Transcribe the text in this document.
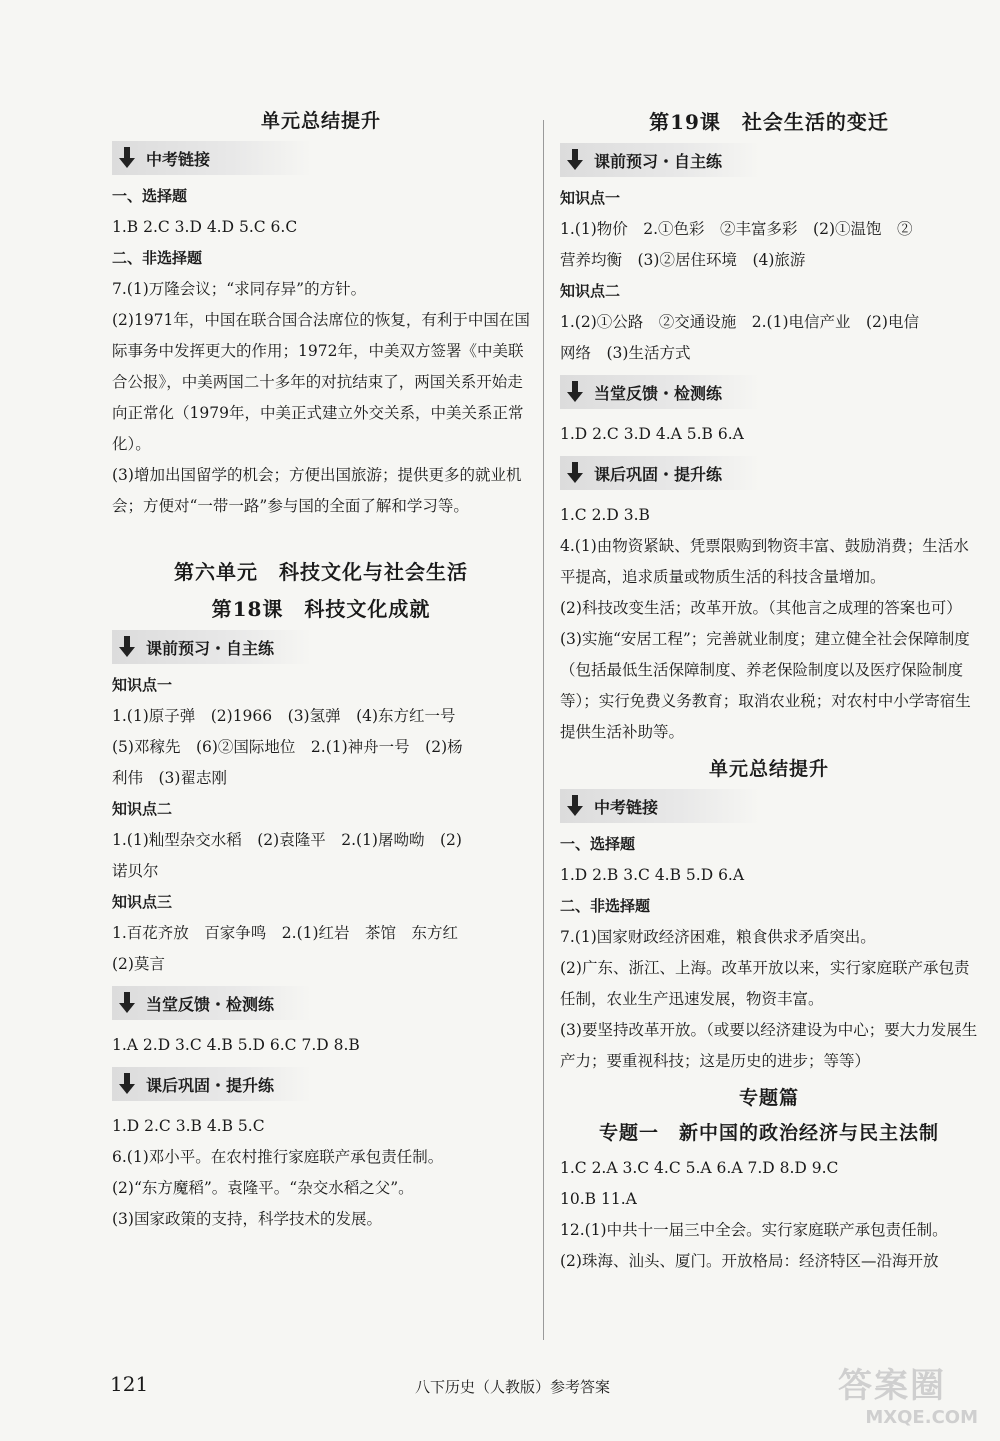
单元总结提升
中考链接
一、选择题
1.B 2.C 3.D 4.D 5.C 6.C
二、非选择题
7.(1)万隆会议；“求同存异”的方针。
(2)1971年，中国在联合国合法席位的恢复，有利于中国在国际事务中发挥更大的作用；1972年，中美双方签署《中美联合公报》，中美两国二十多年的对抗结束了，两国关系开始走向正常化（1979年，中美正式建立外交关系，中美关系正常化）。
(3)增加出国留学的机会；方便出国旅游；提供更多的就业机会；方便对“一带一路”参与国的全面了解和学习等。
第六单元　科技文化与社会生活
第18课　科技文化成就
课前预习・自主练
知识点一
1.(1)原子弹　(2)1966　(3)氢弹　(4)东方红一号
(5)邓稼先　(6)②国际地位　2.(1)神舟一号　(2)杨
利伟　(3)翟志刚
知识点二
1.(1)籼型杂交水稻　(2)袁隆平　2.(1)屠呦呦　(2)
诺贝尔
知识点三
1.百花齐放　百家争鸣　2.(1)红岩　茶馆　东方红
(2)莫言
当堂反馈・检测练
1.A 2.D 3.C 4.B 5.D 6.C 7.D 8.B
课后巩固・提升练
1.D 2.C 3.B 4.B 5.C
6.(1)邓小平。在农村推行家庭联产承包责任制。
(2)“东方魔稻”。袁隆平。“杂交水稻之父”。
(3)国家政策的支持，科学技术的发展。
第19课　社会生活的变迁
课前预习・自主练
知识点一
1.(1)物价　2.①色彩　②丰富多彩　(2)①温饱　②
营养均衡　(3)②居住环境　(4)旅游
知识点二
1.(2)①公路　②交通设施　2.(1)电信产业　(2)电信
网络　(3)生活方式
当堂反馈・检测练
1.D 2.C 3.D 4.A 5.B 6.A
课后巩固・提升练
1.C 2.D 3.B
4.(1)由物资紧缺、凭票限购到物资丰富、鼓励消费；生活水平提高，追求质量或物质生活的科技含量增加。
(2)科技改变生活；改革开放。（其他言之成理的答案也可）
(3)实施“安居工程”；完善就业制度；建立健全社会保障制度（包括最低生活保障制度、养老保险制度以及医疗保险制度等）；实行免费义务教育；取消农业税；对农村中小学寄宿生提供生活补助等。
单元总结提升
中考链接
一、选择题
1.D 2.B 3.C 4.B 5.D 6.A
二、非选择题
7.(1)国家财政经济困难，粮食供求矛盾突出。
(2)广东、浙江、上海。改革开放以来，实行家庭联产承包责任制，农业生产迅速发展，物资丰富。
(3)要坚持改革开放。（或要以经济建设为中心；要大力发展生产力；要重视科技；这是历史的进步；等等）
专题篇
专题一　新中国的政治经济与民主法制
1.C 2.A 3.C 4.C 5.A 6.A 7.D 8.D 9.C
10.B 11.A
12.(1)中共十一届三中全会。实行家庭联产承包责任制。
(2)珠海、汕头、厦门。开放格局：经济特区—沿海开放
121	八下历史（人教版）参考答案	答案圈
MXQE.COM
